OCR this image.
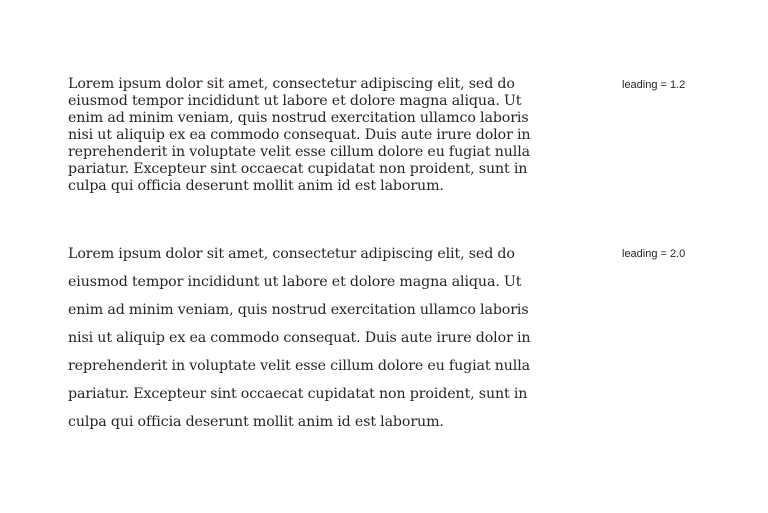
Lorem ipsum dolor sit amet, consectetur adipiscing elit, sed do
eiusmod tempor incididunt ut labore et dolore magna aliqua. Ut
enim ad minim veniam, quis nostrud exercitation ullamco laboris
nisi ut aliquip ex ea commodo consequat. Duis aute irure dolor in
reprehenderit in voluptate velit esse cillum dolore eu fugiat nulla
pariatur. Excepteur sint occaecat cupidatat non proident, sunt in
culpa qui officia deserunt mollit anim id est laborum.

leading = 1.2

Lorem ipsum dolor sit amet, consectetur adipiscing elit, sed do
eiusmod tempor incididunt ut labore et dolore magna aliqua. Ut
enim ad minim veniam, quis nostrud exercitation ullamco laboris
nisi ut aliquip ex ea commodo consequat. Duis aute irure dolor in
reprehenderit in voluptate velit esse cillum dolore eu fugiat nulla
pariatur. Excepteur sint occaecat cupidatat non proident, sunt in
culpa qui officia deserunt mollit anim id est laborum.

leading = 2.0
